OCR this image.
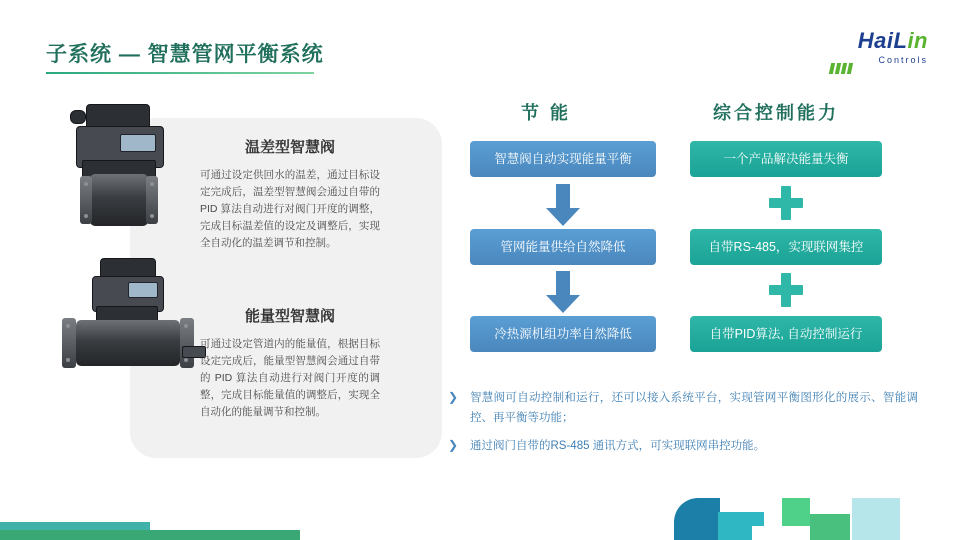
子系统 — 智慧管网平衡系统
HaiLin
Controls
温差型智慧阀
可通过设定供回水的温差，通过目标设定完成后，温差型智慧阀会通过自带的 PID 算法自动进行对阀门开度的调整，完成目标温差值的设定及调整后，实现全自动化的温差调节和控制。
能量型智慧阀
可通过设定管道内的能量值，根据目标设定完成后，能量型智慧阀会通过自带的 PID 算法自动进行对阀门开度的调整，完成目标能量值的调整后，实现全自动化的能量调节和控制。
节 能	综合控制能力
智慧阀自动实现能量平衡
管网能量供给自然降低
冷热源机组功率自然降低
一个产品解决能量失衡
自带RS-485，实现联网集控
自带PID算法, 自动控制运行
❯	智慧阀可自动控制和运行，还可以接入系统平台，实现管网平衡图形化的展示、智能调控、再平衡等功能；
❯	通过阀门自带的RS-485 通讯方式，可实现联网串控功能。
